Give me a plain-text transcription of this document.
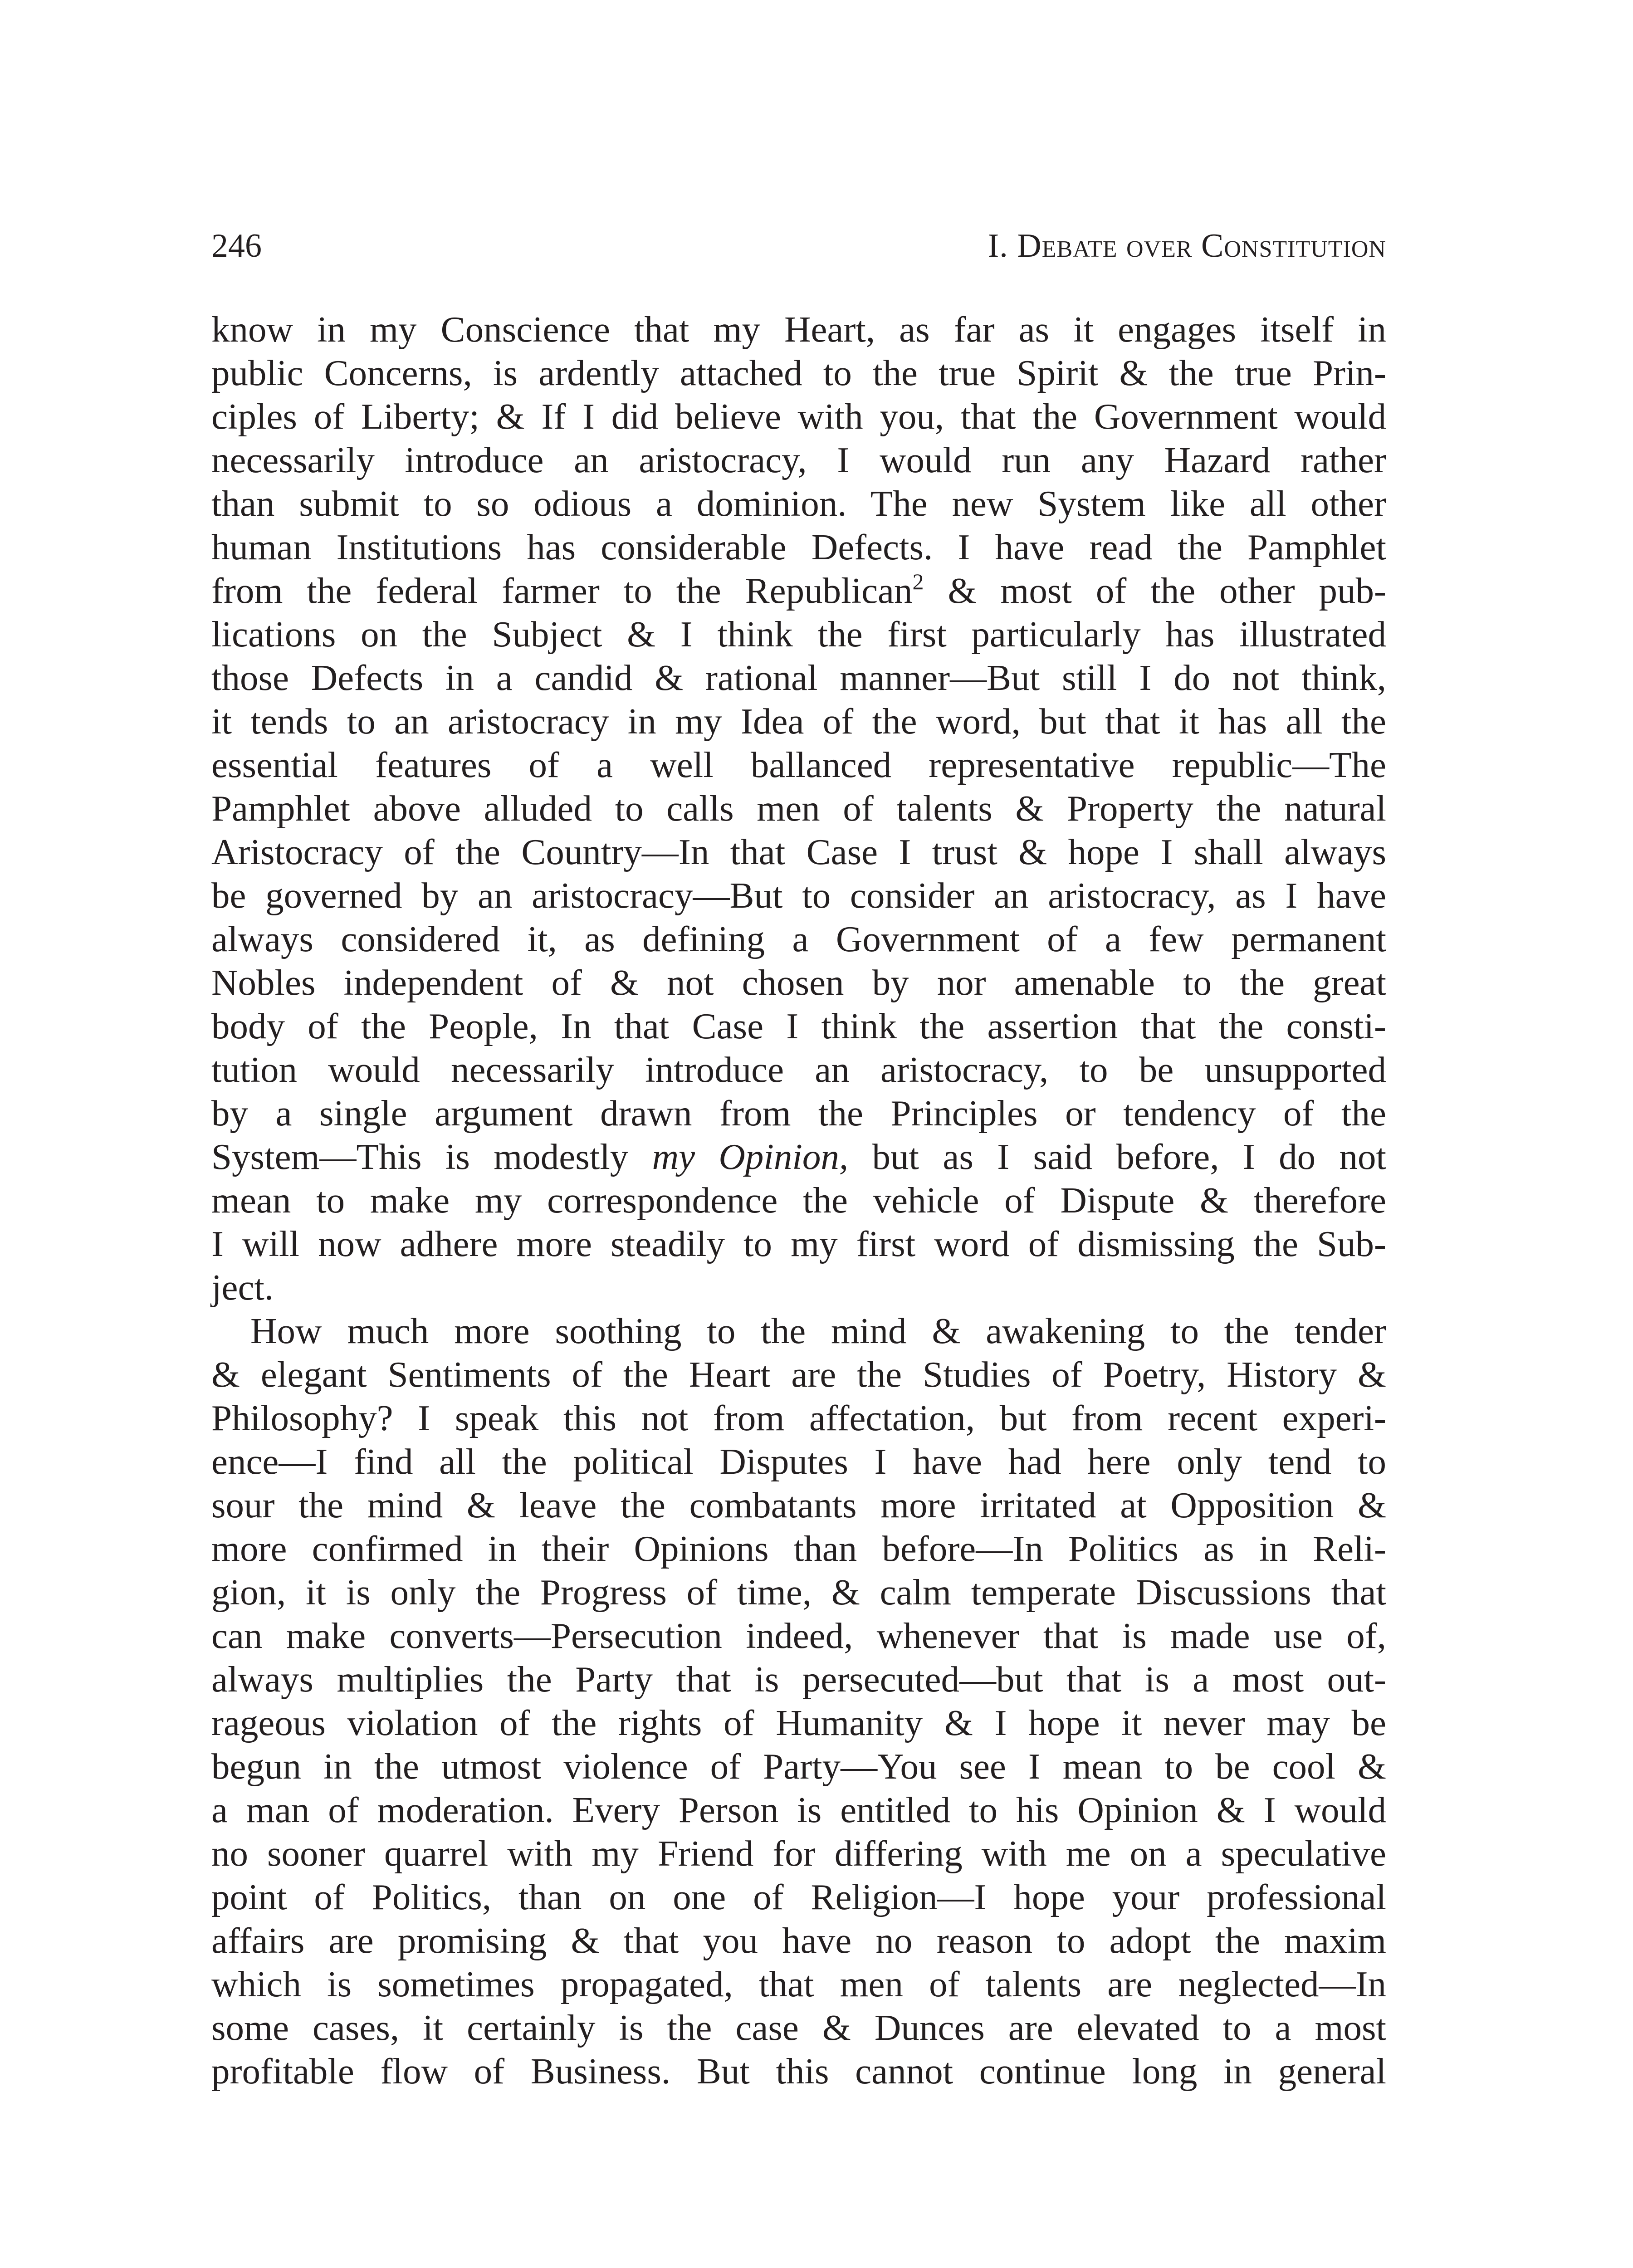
246	I. Debate over Constitution
know in my Conscience that my Heart, as far as it engages itself in
public Concerns, is ardently attached to the true Spirit & the true Prin-
ciples of Liberty; & If I did believe with you, that the Government would
necessarily introduce an aristocracy, I would run any Hazard rather
than submit to so odious a dominion. The new System like all other
human Institutions has considerable Defects. I have read the Pamphlet
from the federal farmer to the Republican$^2$ & most of the other pub-
lications on the Subject & I think the first particularly has illustrated
those Defects in a candid & rational manner—But still I do not think,
it tends to an aristocracy in my Idea of the word, but that it has all the
essential features of a well ballanced representative republic—The
Pamphlet above alluded to calls men of talents & Property the natural
Aristocracy of the Country—In that Case I trust & hope I shall always
be governed by an aristocracy—But to consider an aristocracy, as I have
always considered it, as defining a Government of a few permanent
Nobles independent of & not chosen by nor amenable to the great
body of the People, In that Case I think the assertion that the consti-
tution would necessarily introduce an aristocracy, to be unsupported
by a single argument drawn from the Principles or tendency of the
System—This is modestly my Opinion, but as I said before, I do not
mean to make my correspondence the vehicle of Dispute & therefore
I will now adhere more steadily to my first word of dismissing the Sub-
ject.
How much more soothing to the mind & awakening to the tender
& elegant Sentiments of the Heart are the Studies of Poetry, History &
Philosophy? I speak this not from affectation, but from recent experi-
ence—I find all the political Disputes I have had here only tend to
sour the mind & leave the combatants more irritated at Opposition &
more confirmed in their Opinions than before—In Politics as in Reli-
gion, it is only the Progress of time, & calm temperate Discussions that
can make converts—Persecution indeed, whenever that is made use of,
always multiplies the Party that is persecuted—but that is a most out-
rageous violation of the rights of Humanity & I hope it never may be
begun in the utmost violence of Party—You see I mean to be cool &
a man of moderation. Every Person is entitled to his Opinion & I would
no sooner quarrel with my Friend for differing with me on a speculative
point of Politics, than on one of Religion—I hope your professional
affairs are promising & that you have no reason to adopt the maxim
which is sometimes propagated, that men of talents are neglected—In
some cases, it certainly is the case & Dunces are elevated to a most
profitable flow of Business. But this cannot continue long in general
